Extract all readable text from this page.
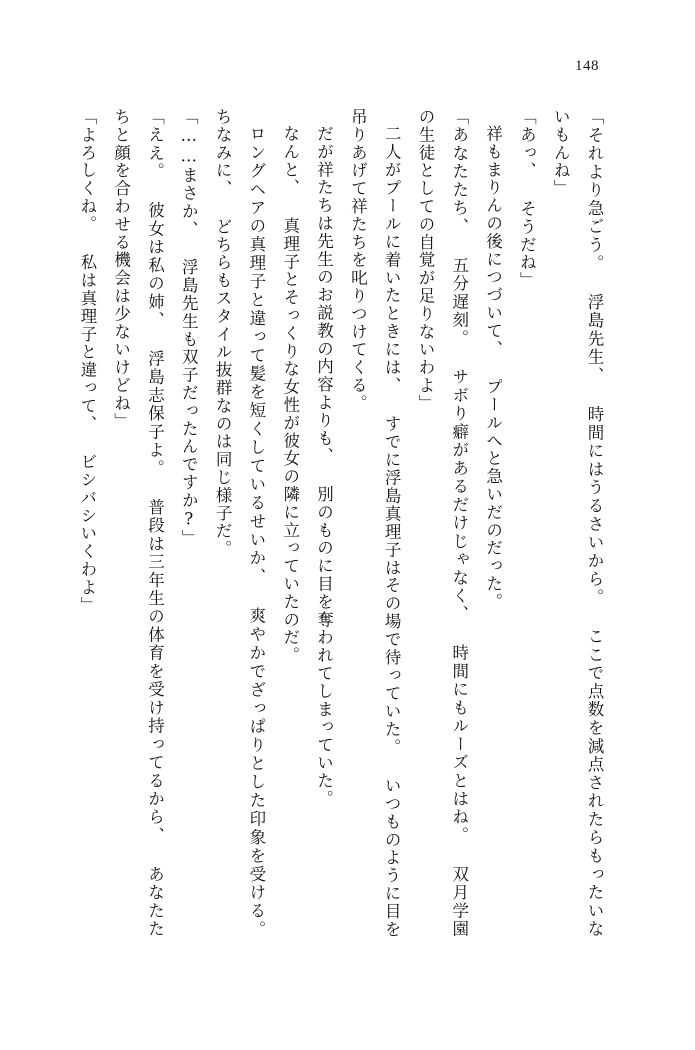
148

「それより急ごう。 浮島先生、 時間にはうるさいから。 ここで点数を減点されたらもったいないもんね」

「あっ、 そうだね」

祥もまりんの後につづいて、 プールへと急いだのだった。

「あなたたち、 五分遅刻。 サボり癖があるだけじゃなく、 時間にもルーズとはね。 双月学園の生徒としての自覚が足りないわよ」

二人がプールに着いたときには、 すでに浮島真理子はその場で待っていた。 いつものように目を吊りあげて祥たちを叱りつけてくる。

だが祥たちは先生のお説教の内容よりも、 別のものに目を奪われてしまっていた。

なんと、 真理子とそっくりな女性が彼女の隣に立っていたのだ。

ロングヘアの真理子と違って髪を短くしているせいか、 爽やかでざっぱりとした印象を受ける。 ちなみに、 どちらもスタイル抜群なのは同じ様子だ。

「……まさか、 浮島先生も双子だったんですか?」

「ええ。 彼女は私の姉、 浮島志保子よ。 普段は三年生の体育を受け持ってるから、 あなたたちと顔を合わせる機会は少ないけどね」

「よろしくね。 私は真理子と違って、 ビシバシいくわよ」
